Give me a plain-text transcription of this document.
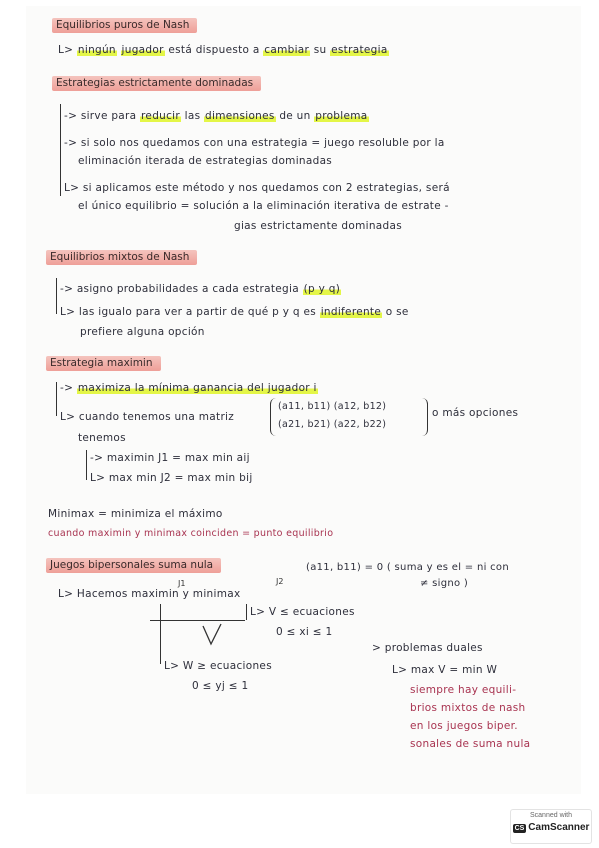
Equilibrios puros de Nash
L> ningún jugador está dispuesto a cambiar su estrategia
Estrategias estrictamente dominadas
-> sirve para reducir las dimensiones de un problema
-> si solo nos quedamos con una estrategia = juego resoluble por la
eliminación iterada de estrategias dominadas
L> si aplicamos este método y nos quedamos con 2 estrategias, será
el único equilibrio = solución a la eliminación iterativa de estrate -
gias estrictamente dominadas
Equilibrios mixtos de Nash
-> asigno probabilidades a cada estrategia (p y q)
L> las igualo para ver a partir de qué p y q es indiferente o se
prefiere alguna opción
Estrategia maximin
-> maximiza la mínima ganancia del jugador i
L> cuando tenemos una matriz
(a11, b11) (a12, b12)
(a21, b21) (a22, b22)
o más opciones
tenemos
-> maximin J1 = max min aij
L> max min J2 = max min bij
Minimax = minimiza el máximo
cuando maximin y minimax coinciden = punto equilibrio
Juegos bipersonales suma nula	(a11, b11) = 0 ( suma y es el = ni con
≠ signo )
J1	J2
L> Hacemos maximin y minimax
L> V ≤ ecuaciones
0 ≤ xi ≤ 1
L> W ≥ ecuaciones
0 ≤ yj ≤ 1
> problemas duales
L> max V = min W
siempre hay equili-
brios mixtos de nash
en los juegos biper.
sonales de suma nula
Scanned with
CS CamScanner
